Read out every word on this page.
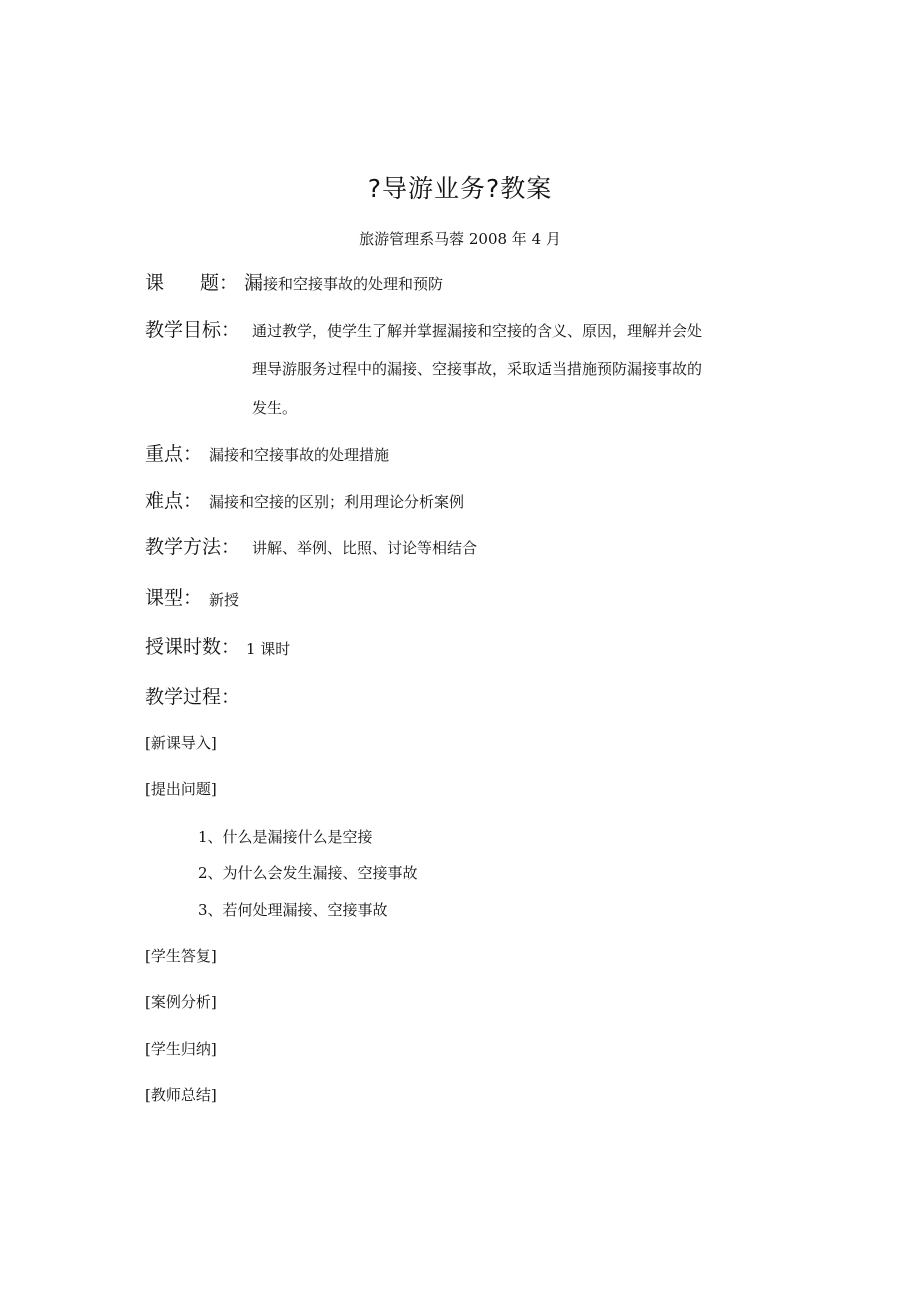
?导游业务?教案
旅游管理系马蓉 2008 年 4 月
课 题： 漏接和空接事故的处理和预防
教学目标： 通过教学，使学生了解并掌握漏接和空接的含义、原因，理解并会处
理导游服务过程中的漏接、空接事故，采取适当措施预防漏接事故的
发生。
重点： 漏接和空接事故的处理措施
难点： 漏接和空接的区别；利用理论分析案例
教学方法： 讲解、举例、比照、讨论等相结合
课型： 新授
授课时数： 1 课时
教学过程：
[新课导入]
[提出问题]
1、什么是漏接什么是空接
2、为什么会发生漏接、空接事故
3、若何处理漏接、空接事故
[学生答复]
[案例分析]
[学生归纳]
[教师总结]
